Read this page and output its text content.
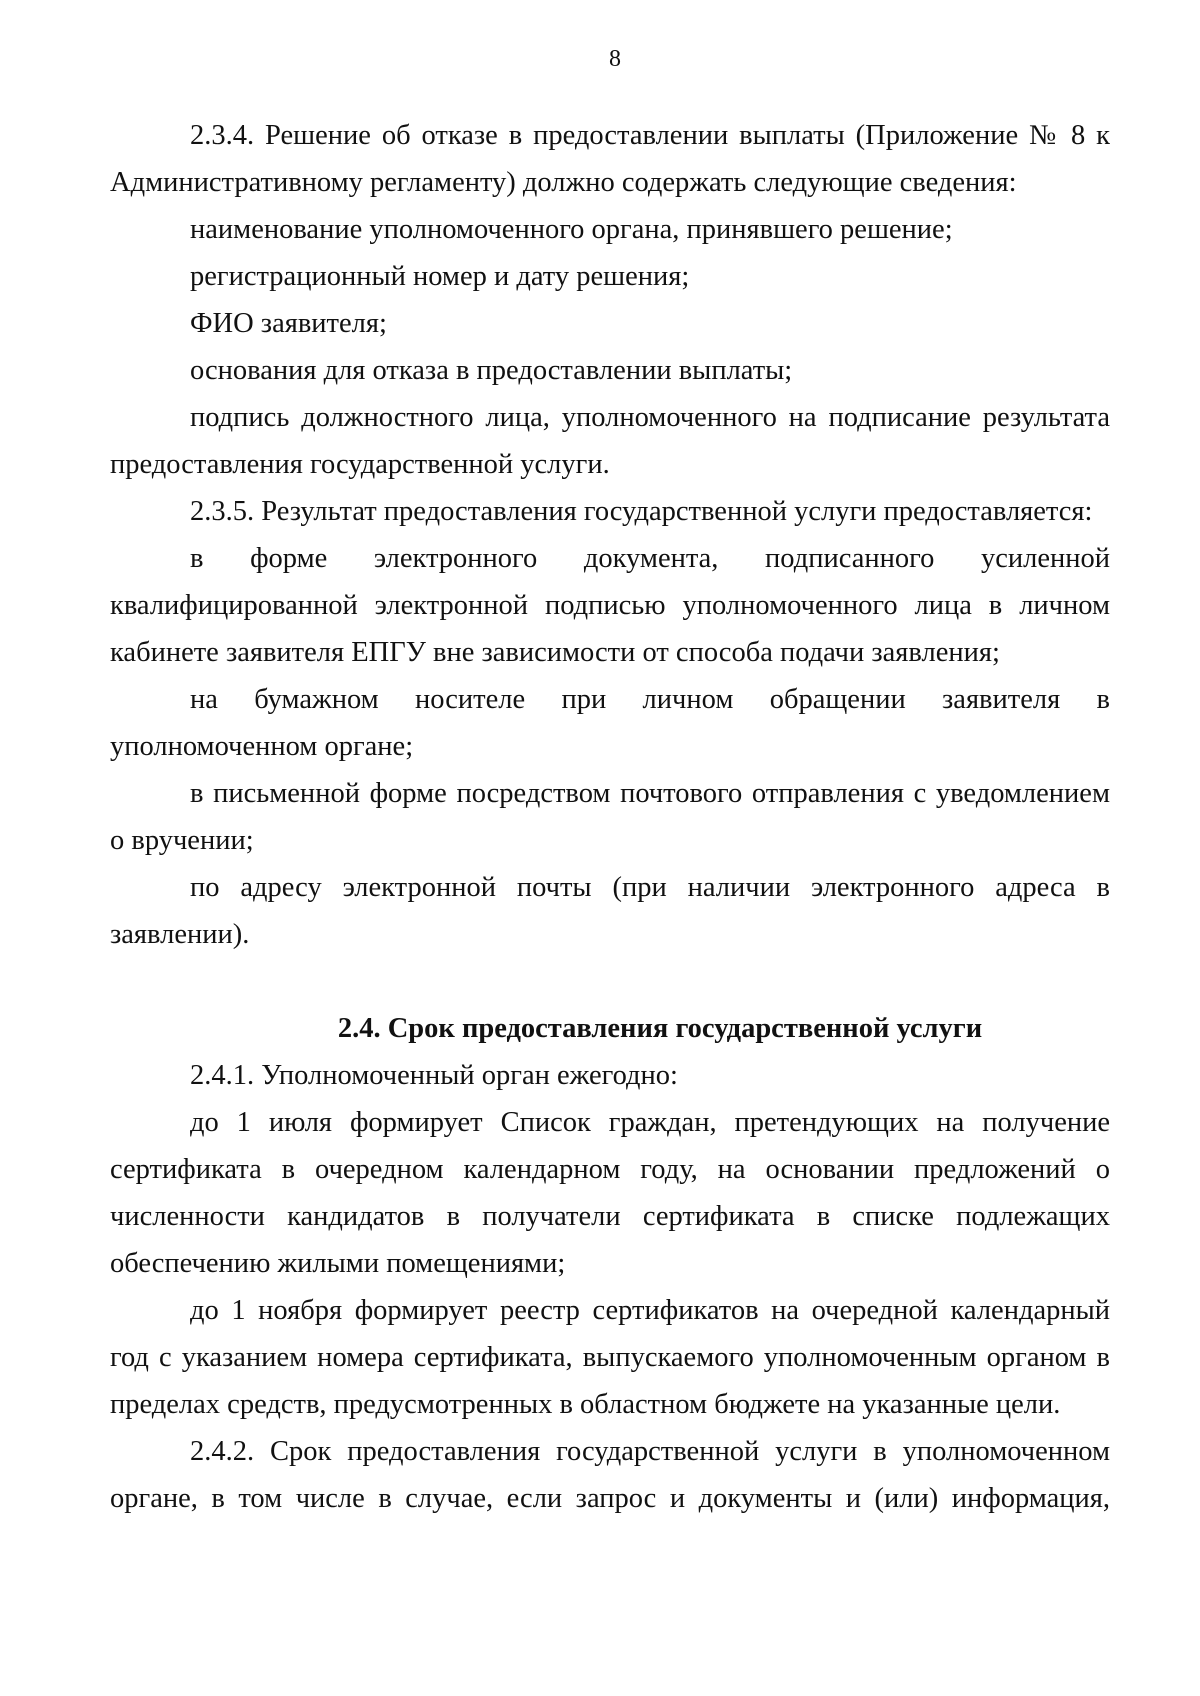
8

2.3.4. Решение об отказе в предоставлении выплаты (Приложение № 8 к Административному регламенту) должно содержать следующие сведения:

наименование уполномоченного органа, принявшего решение;

регистрационный номер и дату решения;

ФИО заявителя;

основания для отказа в предоставлении выплаты;

подпись должностного лица, уполномоченного на подписание результата предоставления государственной услуги.

2.3.5. Результат предоставления государственной услуги предоставляется:

в форме электронного документа, подписанного усиленной квалифицированной электронной подписью уполномоченного лица в личном кабинете заявителя ЕПГУ вне зависимости от способа подачи заявления;

на бумажном носителе при личном обращении заявителя в уполномоченном органе;

в письменной форме посредством почтового отправления с уведомлением о вручении;

по адресу электронной почты (при наличии электронного адреса в заявлении).

2.4. Срок предоставления государственной услуги

2.4.1. Уполномоченный орган ежегодно:

до 1 июля формирует Список граждан, претендующих на получение сертификата в очередном календарном году, на основании предложений о численности кандидатов в получатели сертификата в списке подлежащих обеспечению жилыми помещениями;

до 1 ноября формирует реестр сертификатов на очередной календарный год с указанием номера сертификата, выпускаемого уполномоченным органом в пределах средств, предусмотренных в областном бюджете на указанные цели.

2.4.2. Срок предоставления государственной услуги в уполномоченном органе, в том числе в случае, если запрос и документы и (или) информация,
